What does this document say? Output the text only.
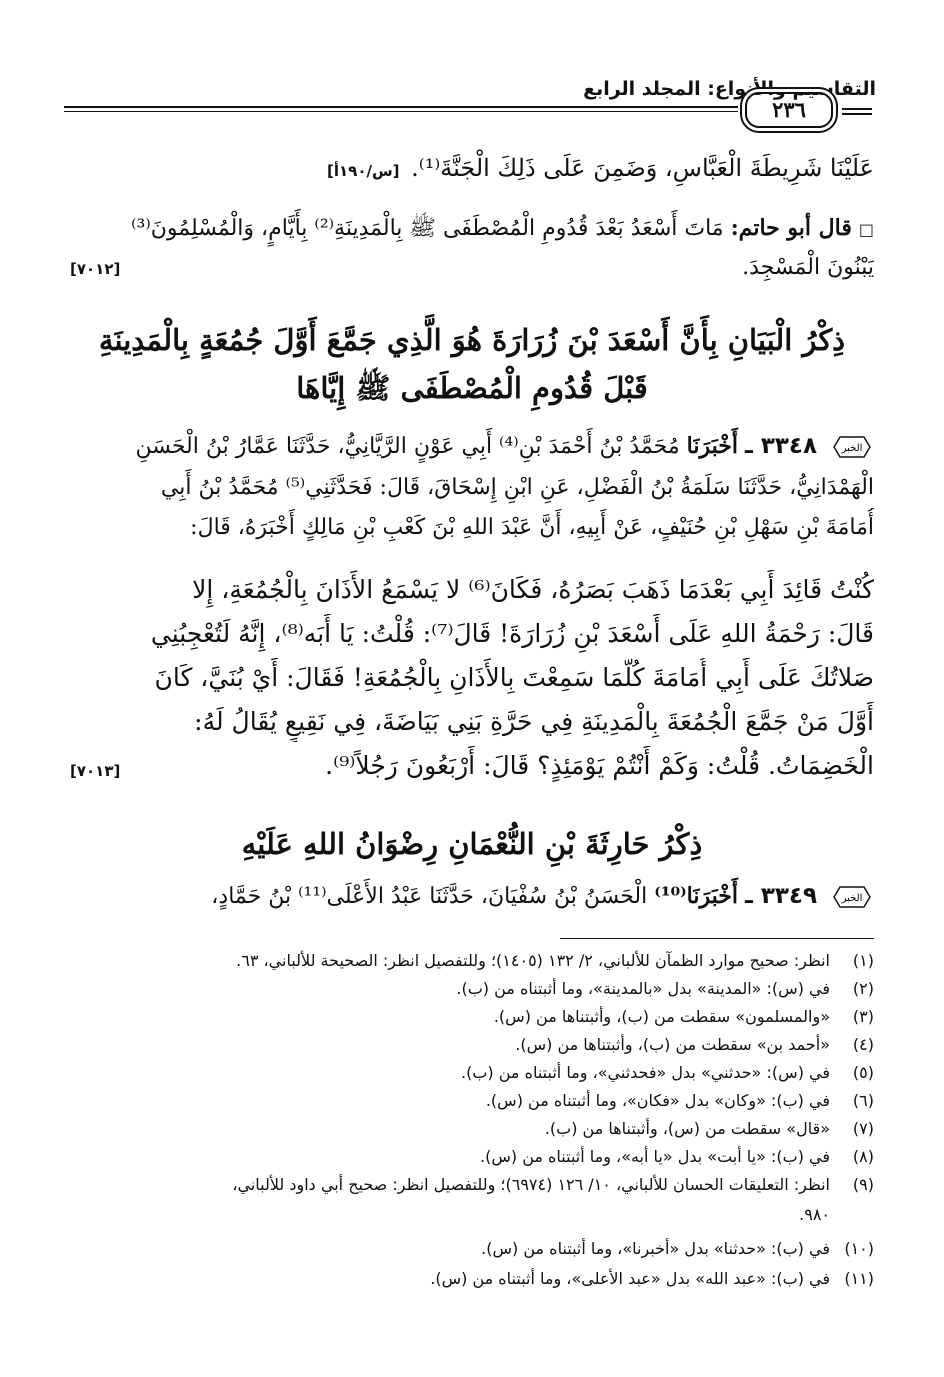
التقاسيم والأنواع: المجلد الرابع
٢٣٦
عَلَيْنَا شَرِيطَةَ الْعَبَّاسِ، وَضَمِنَ عَلَى ذَلِكَ الْجَنَّةَ⁽¹⁾. [س/١٩٠أ]
□ قال أبو حاتم: مَاتَ أَسْعَدُ بَعْدَ قُدُومِ الْمُصْطَفَى ﷺ بِالْمَدِينَةِ⁽²⁾ بِأَيَّامٍ، وَالْمُسْلِمُونَ⁽³⁾
يَبْنُونَ الْمَسْجِدَ.
[٧٠١٢]
ذِكْرُ الْبَيَانِ بِأَنَّ أَسْعَدَ بْنَ زُرَارَةَ هُوَ الَّذِي جَمَّعَ أَوَّلَ جُمُعَةٍ بِالْمَدِينَةِ
قَبْلَ قُدُومِ الْمُصْطَفَى ﷺ إِيَّاهَا
الخبر
٣٣٤٨ ـ أَخْبَرَنَا مُحَمَّدُ بْنُ أَحْمَدَ بْنِ⁽⁴⁾ أَبِي عَوْنٍ الرَّيَّانِيُّ، حَدَّثَنَا عَمَّارُ بْنُ الْحَسَنِ
الْهَمْدَانِيُّ، حَدَّثَنَا سَلَمَةُ بْنُ الْفَضْلِ، عَنِ ابْنِ إِسْحَاقَ، قَالَ: فَحَدَّثَنِي⁽⁵⁾ مُحَمَّدُ بْنُ أَبِي
أُمَامَةَ بْنِ سَهْلِ بْنِ حُنَيْفٍ، عَنْ أَبِيهِ، أَنَّ عَبْدَ اللهِ بْنَ كَعْبِ بْنِ مَالِكٍ أَخْبَرَهُ، قَالَ:
كُنْتُ قَائِدَ أَبِي بَعْدَمَا ذَهَبَ بَصَرُهُ، فَكَانَ⁽⁶⁾ لا يَسْمَعُ الأَذَانَ بِالْجُمُعَةِ، إِلا
قَالَ: رَحْمَةُ اللهِ عَلَى أَسْعَدَ بْنِ زُرَارَةَ! قَالَ⁽⁷⁾: قُلْتُ: يَا أَبَه⁽⁸⁾، إِنَّهُ لَتُعْجِبُنِي
صَلاتُكَ عَلَى أَبِي أُمَامَةَ كُلَّمَا سَمِعْتَ بِالأَذَانِ بِالْجُمُعَةِ! فَقَالَ: أَيْ بُنَيَّ، كَانَ
أَوَّلَ مَنْ جَمَّعَ الْجُمُعَةَ بِالْمَدِينَةِ فِي حَرَّةِ بَنِي بَيَاضَةَ، فِي نَقِيعٍ يُقَالُ لَهُ:
الْخَضِمَاتُ. قُلْتُ: وَكَمْ أَنْتُمْ يَوْمَئِذٍ؟ قَالَ: أَرْبَعُونَ رَجُلاً⁽⁹⁾.
[٧٠١٣]
ذِكْرُ حَارِثَةَ بْنِ النُّعْمَانِ رِضْوَانُ اللهِ عَلَيْهِ
الخبر
٣٣٤٩ ـ أَخْبَرَنَا⁽¹⁰⁾ الْحَسَنُ بْنُ سُفْيَانَ، حَدَّثَنَا عَبْدُ الأَعْلَى⁽¹¹⁾ بْنُ حَمَّادٍ،
(١)انظر: صحيح موارد الظمآن للألباني، ٢/ ١٣٢ (١٤٠٥)؛ وللتفصيل انظر: الصحيحة للألباني، ٦٣.
(٢)في (س): «المدينة» بدل «بالمدينة»، وما أثبتناه من (ب).
(٣)«والمسلمون» سقطت من (ب)، وأثبتناها من (س).
(٤)«أحمد بن» سقطت من (ب)، وأثبتناها من (س).
(٥)في (س): «حدثني» بدل «فحدثني»، وما أثبتناه من (ب).
(٦)في (ب): «وكان» بدل «فكان»، وما أثبتناه من (س).
(٧)«قال» سقطت من (س)، وأثبتناها من (ب).
(٨)في (ب): «يا أبت» بدل «يا أبه»، وما أثبتناه من (س).
(٩)انظر: التعليقات الحسان للألباني، ١٠/ ١٢٦ (٦٩٧٤)؛ وللتفصيل انظر: صحيح أبي داود للألباني،
٩٨٠.
(١٠)في (ب): «حدثنا» بدل «أخبرنا»، وما أثبتناه من (س).
(١١)في (ب): «عبد الله» بدل «عبد الأعلى»، وما أثبتناه من (س).
